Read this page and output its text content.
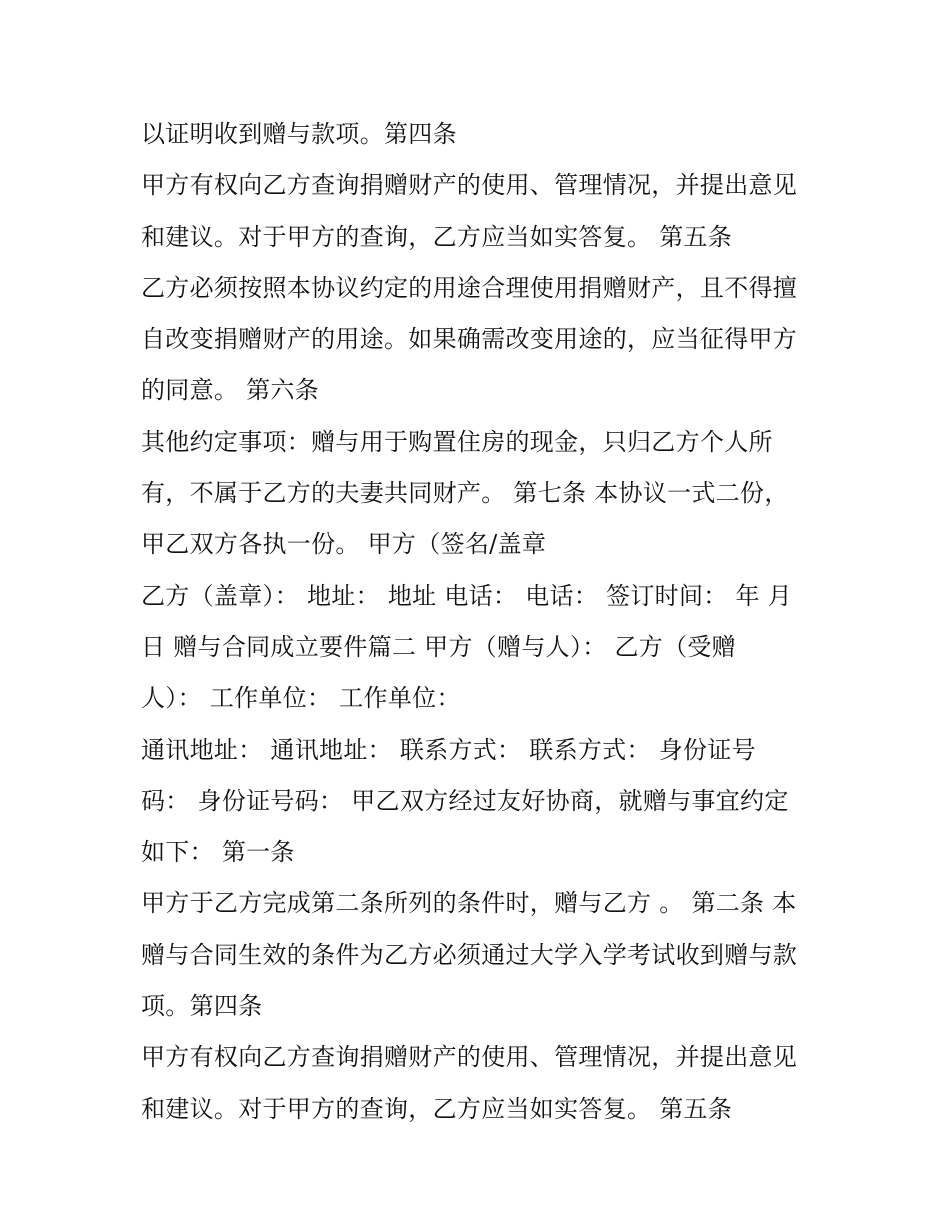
以证明收到赠与款项。第四条
甲方有权向乙方查询捐赠财产的使用、管理情况，并提出意见
和建议。对于甲方的查询，乙方应当如实答复。 第五条
乙方必须按照本协议约定的用途合理使用捐赠财产，且不得擅
自改变捐赠财产的用途。如果确需改变用途的，应当征得甲方
的同意。 第六条
其他约定事项：赠与用于购置住房的现金，只归乙方个人所
有，不属于乙方的夫妻共同财产。 第七条 本协议一式二份，
甲乙双方各执一份。 甲方（签名/盖章
乙方（盖章）： 地址： 地址 电话： 电话： 签订时间： 年 月
日 赠与合同成立要件篇二 甲方（赠与人）： 乙方（受赠
人）： 工作单位： 工作单位：
通讯地址： 通讯地址： 联系方式： 联系方式： 身份证号
码： 身份证号码： 甲乙双方经过友好协商，就赠与事宜约定
如下： 第一条
甲方于乙方完成第二条所列的条件时，赠与乙方 。 第二条 本
赠与合同生效的条件为乙方必须通过大学入学考试收到赠与款
项。第四条
甲方有权向乙方查询捐赠财产的使用、管理情况，并提出意见
和建议。对于甲方的查询，乙方应当如实答复。 第五条
